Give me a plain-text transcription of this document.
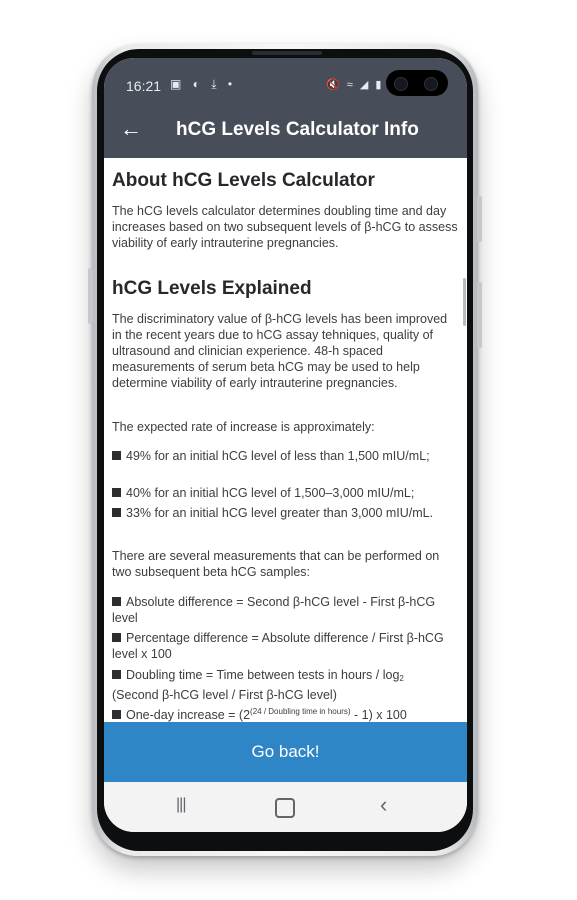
16:21 ▣ ◐ ⤓ •	🔇 ≈ ◢ ▮
← hCG Levels Calculator Info
About hCG Levels Calculator

The hCG levels calculator determines doubling time and day increases based on two subsequent levels of β-hCG to assess viability of early intrauterine pregnancies.

hCG Levels Explained

The discriminatory value of β-hCG levels has been improved in the recent years due to hCG assay tehniques, quality of ultrasound and clinician experience. 48-h spaced measurements of serum beta hCG may be used to help determine viability of early intrauterine pregnancies.

The expected rate of increase is approximately:

49% for an initial hCG level of less than 1,500 mIU/mL;

40% for an initial hCG level of 1,500–3,000 mIU/mL;

33% for an initial hCG level greater than 3,000 mIU/mL.

There are several measurements that can be performed on two subsequent beta hCG samples:

Absolute difference = Second β-hCG level - First β-hCG level

Percentage difference = Absolute difference / First β-hCG level x 100

Doubling time = Time between tests in hours / $\log_2$
(Second β-hCG level / First β-hCG level)

One-day increase = $(2^{(24 / Doubling time in hours)} - 1)$ x 100

Go back!
|||	‹
